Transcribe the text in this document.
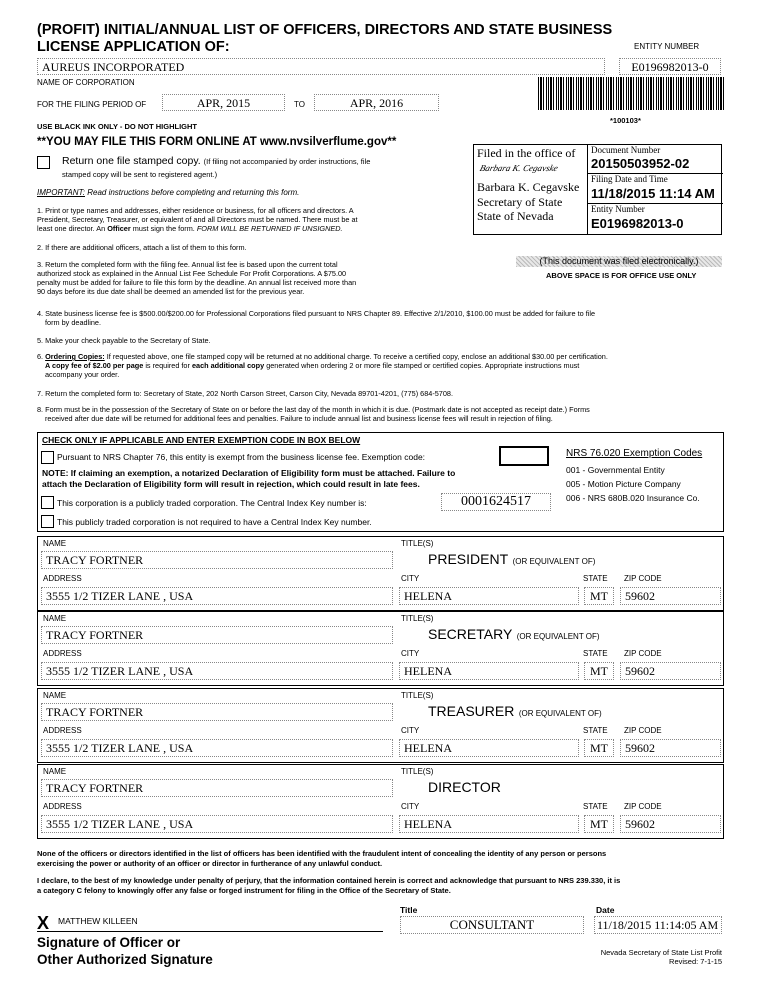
(PROFIT) INITIAL/ANNUAL LIST OF OFFICERS, DIRECTORS AND STATE BUSINESS
LICENSE APPLICATION OF:	ENTITY NUMBER
AUREUS INCORPORATED	E0196982013-0
NAME OF CORPORATION
*100103*
FOR THE FILING PERIOD OF	APR, 2015	TO	APR, 2016
USE BLACK INK ONLY - DO NOT HIGHLIGHT
**YOU MAY FILE THIS FORM ONLINE AT www.nvsilverflume.gov**
Return one file stamped copy. (If filing not accompanied by order instructions, file
stamped copy will be sent to registered agent.)
IMPORTANT: Read instructions before completing and returning this form.
Filed in the office of
Barbara K. Cegavske
Barbara K. Cegavske
Secretary of State
State of Nevada
Document Number
20150503952-02
Filing Date and Time
11/18/2015 11:14 AM
Entity Number
E0196982013-0
(This document was filed electronically.)
ABOVE SPACE IS FOR OFFICE USE ONLY
1. Print or type names and addresses, either residence or business, for all officers and directors. A
President, Secretary, Treasurer, or equivalent of and all Directors must be named. There must be at
least one director. An Officer must sign the form. FORM WILL BE RETURNED IF UNSIGNED.
2. If there are additional officers, attach a list of them to this form.
3. Return the completed form with the filing fee. Annual list fee is based upon the current total
authorized stock as explained in the Annual List Fee Schedule For Profit Corporations. A $75.00
penalty must be added for failure to file this form by the deadline. An annual list received more than
90 days before its due date shall be deemed an amended list for the previous year.
4. State business license fee is $500.00/$200.00 for Professional Corporations filed pursuant to NRS Chapter 89. Effective 2/1/2010, $100.00 must be added for failure to file
form by deadline.
5. Make your check payable to the Secretary of State.
6. Ordering Copies: If requested above, one file stamped copy will be returned at no additional charge. To receive a certified copy, enclose an additional $30.00 per certification.
A copy fee of $2.00 per page is required for each additional copy generated when ordering 2 or more file stamped or certified copies. Appropriate instructions must
accompany your order.
7. Return the completed form to: Secretary of State, 202 North Carson Street, Carson City, Nevada 89701-4201, (775) 684-5708.
8. Form must be in the possession of the Secretary of State on or before the last day of the month in which it is due. (Postmark date is not accepted as receipt date.) Forms
received after due date will be returned for additional fees and penalties. Failure to include annual list and business license fees will result in rejection of filing.
CHECK ONLY IF APPLICABLE AND ENTER EXEMPTION CODE IN BOX BELOW
Pursuant to NRS Chapter 76, this entity is exempt from the business license fee. Exemption code:	NRS 76.020 Exemption Codes
001 - Governmental Entity
005 - Motion Picture Company
006 - NRS 680B.020 Insurance Co.
NOTE: If claiming an exemption, a notarized Declaration of Eligibility form must be attached. Failure to
attach the Declaration of Eligibility form will result in rejection, which could result in late fees.
This corporation is a publicly traded corporation. The Central Index Key number is:	0001624517
This publicly traded corporation is not required to have a Central Index Key number.
NAME
TRACY FORTNER
TITLE(S)
PRESIDENT (OR EQUIVALENT OF)
ADDRESS
3555 1/2 TIZER LANE , USA
CITY
HELENA
STATE
MT
ZIP CODE
59602
NAME
TRACY FORTNER
TITLE(S)
SECRETARY (OR EQUIVALENT OF)
ADDRESS
3555 1/2 TIZER LANE , USA
CITY
HELENA
STATE
MT
ZIP CODE
59602
NAME
TRACY FORTNER
TITLE(S)
TREASURER (OR EQUIVALENT OF)
ADDRESS
3555 1/2 TIZER LANE , USA
CITY
HELENA
STATE
MT
ZIP CODE
59602
NAME
TRACY FORTNER
TITLE(S)
DIRECTOR
ADDRESS
3555 1/2 TIZER LANE , USA
CITY
HELENA
STATE
MT
ZIP CODE
59602
None of the officers or directors identified in the list of officers has been identified with the fraudulent intent of concealing the identity of any person or persons
exercising the power or authority of an officer or director in furtherance of any unlawful conduct.
I declare, to the best of my knowledge under penalty of perjury, that the information contained herein is correct and acknowledge that pursuant to NRS 239.330, it is
a category C felony to knowingly offer any false or forged instrument for filing in the Office of the Secretary of State.
X MATTHEW KILLEEN
Signature of Officer or
Other Authorized Signature
Title
CONSULTANT
Date
11/18/2015 11:14:05 AM
Nevada Secretary of State List Profit
Revised: 7-1-15
